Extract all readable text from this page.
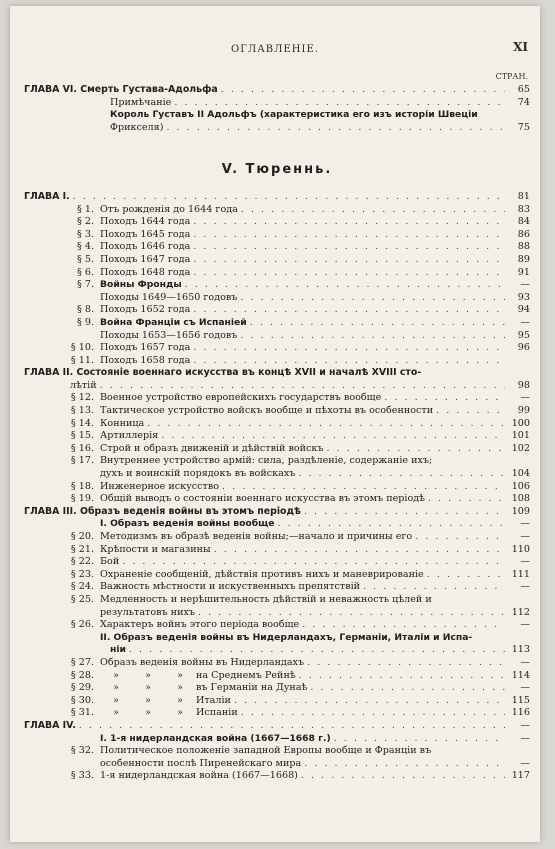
ОГЛАВЛЕНІЕ.	XI
СТРАН.
ГЛАВА VI. Смерть Густава-Адольфа . . .	65
Примѣчаніе . . .	74
Король Густавъ II Адольфъ (характеристика его изъ исторіи Швеціи
Фрикселя) . . .	75
V. Тюреннь.
ГЛАВА I. . . .	81
§ 1. Отъ рожденія до 1644 года . . .	83
§ 2. Походъ 1644 года . . .	84
§ 3. Походъ 1645 года . . .	86
§ 4. Походъ 1646 года . . .	88
§ 5. Походъ 1647 года . . .	89
§ 6. Походъ 1648 года . . .	91
§ 7. Войны Фронды . . .	—
Походы 1649—1650 годовъ . . .	93
§ 8. Походъ 1652 года . . .	94
§ 9. Война Франціи съ Испаніей . . .	—
Походы 1653—1656 годовъ . . .	95
§ 10. Походъ 1657 года . . .	96
§ 11. Походъ 1658 года
. . .
ГЛАВА II. Состояніе военнаго искусства въ концѣ XVII и началѣ XVIII сто-
лѣтій . . .	98
§ 12. Военное устройство европейскихъ государствъ вообще . . .	—
§ 13. Тактическое устройство войскъ вообще и пѣхоты въ особенности . . .	99
§ 14. Конница . . .	100
§ 15. Артиллерія . . .	101
§ 16. Строй и образъ движеній и дѣйствій войскъ . . .	102
§ 17. Внутреннее устройство армій: сила, раздѣленіе, содержаніе ихъ;
духъ и воинскій порядокъ въ войскахъ . . .	104
§ 18. Инженерное искусство . . .	106
§ 19. Общій выводъ о состояніи военнаго искусства въ этомъ періодѣ . . .	108
ГЛАВА III. Образъ веденія войны въ этомъ періодѣ . . .	109
I. Образъ веденія войны вообще . . .	—
§ 20. Методизмъ въ образѣ веденія войны;—начало и причины его . . .	—
§ 21. Крѣпости и магазины . . .	110
§ 22. Бой . . .	—
§ 23. Охраненіе сообщеній, дѣйствія противъ нихъ и маневрированіе . . .	111
§ 24. Важность мѣстности и искуственныхъ препятствій . . .	—
§ 25. Медленность и нерѣшительность дѣйствій и неважность цѣлей и
результатовъ нихъ . . .	112
§ 26. Характеръ войнъ этого періода вообще . . .	—
II. Образъ веденія войны въ Нидерландахъ, Германіи, Италіи и Испа-
ніи . . .	113
§ 27. Образъ веденія войны въ Нидерландахъ . . .	—
§ 28.	»	»	»	на Среднемъ Рейнѣ . . .	114
§ 29.	»	»	»	въ Германіи на Дунаѣ . . .	—
§ 30.	»	»	»	Италіи . . .	115
§ 31.	»	»	»	Испаніи . . .	116
ГЛАВА IV. . . .	—
I. 1-я нидерландская война (1667—1668 г.) . . .	—
§ 32. Политическое положеніе западной Европы вообще и Франціи въ
особенности послѣ Пиренейскаго мира . . .	—
§ 33. 1-я нидерландская война (1667—1668) . . .	117
